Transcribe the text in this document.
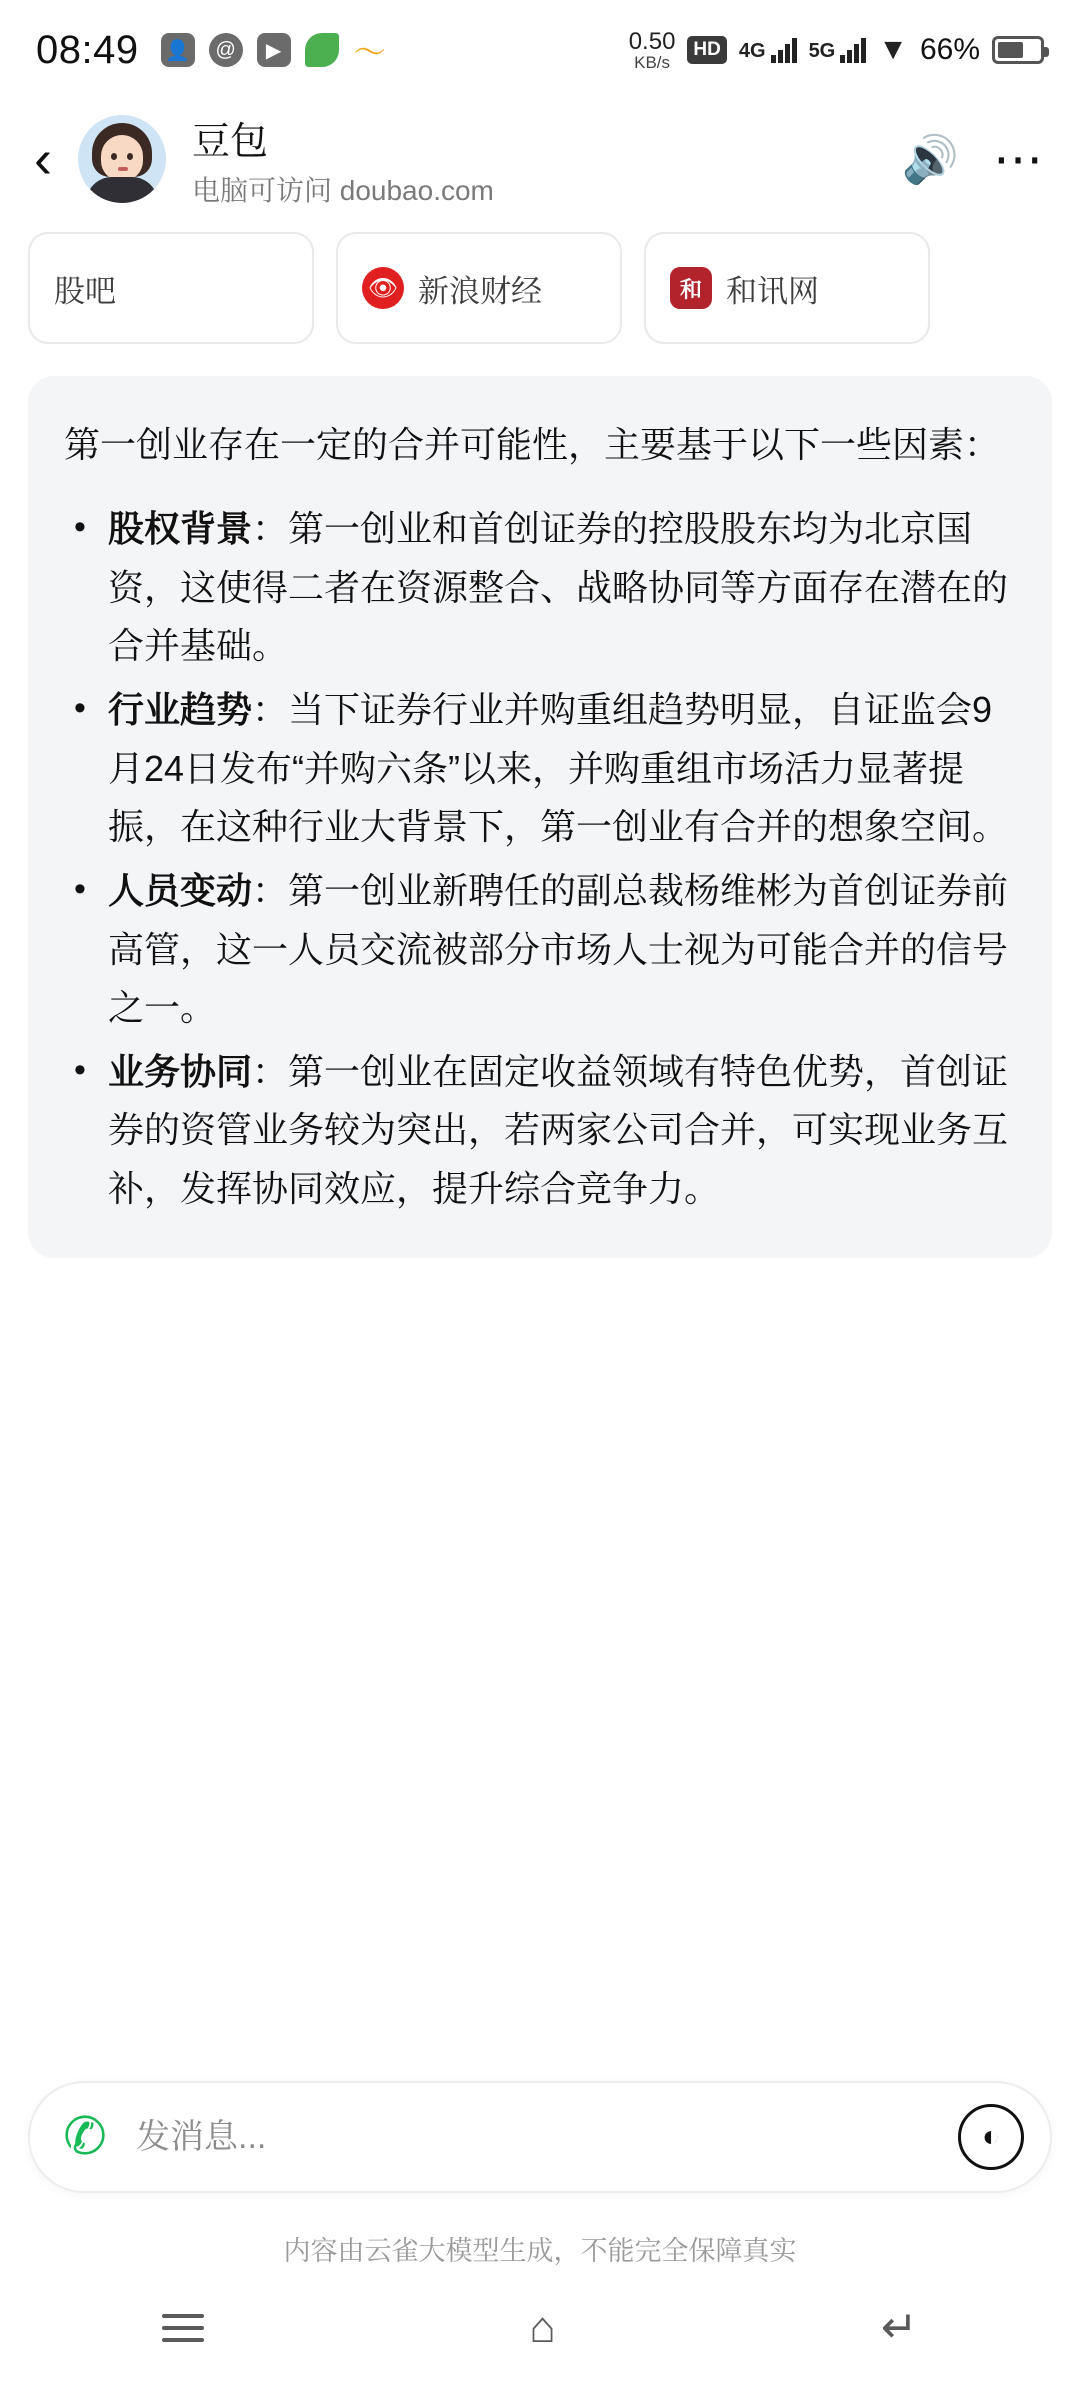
08:49 👤	@	▶ 〜	0.50
KB/s
HD 4G 5G ▼ 66%
‹	豆包
电脑可访问 doubao.com
🔊 ⋯
股吧	👁 新浪财经	和 和讯网

第一创业存在一定的合并可能性，主要基于以下一些因素：

• 股权背景：第一创业和首创证券的控股股东均为北京国资，这使得二者在资源整合、战略协同等方面存在潜在的合并基础。
• 行业趋势：当下证券行业并购重组趋势明显，自证监会9月24日发布“并购六条”以来，并购重组市场活力显著提振，在这种行业大背景下，第一创业有合并的想象空间。
• 人员变动：第一创业新聘任的副总裁杨维彬为首创证券前高管，这一人员交流被部分市场人士视为可能合并的信号之一。
• 业务协同：第一创业在固定收益领域有特色优势，首创证券的资管业务较为突出，若两家公司合并，可实现业务互补，发挥协同效应，提升综合竞争力。
✆
发消息...	◐
内容由云雀大模型生成，不能完全保障真实
⌂	↵
